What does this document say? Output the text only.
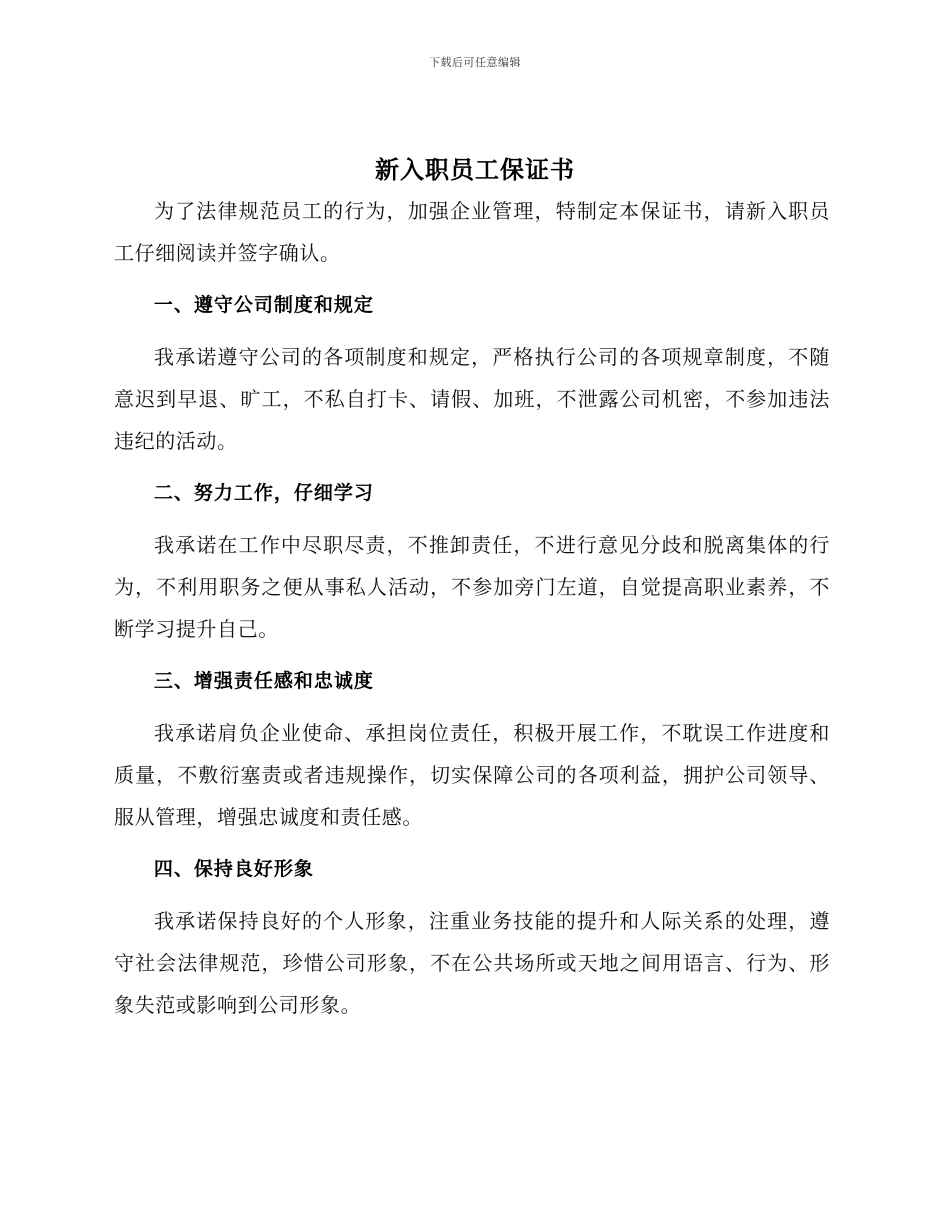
下载后可任意编辑
新入职员工保证书

为了法律规范员工的行为，加强企业管理，特制定本保证书，请新入职员工仔细阅读并签字确认。

一、遵守公司制度和规定

我承诺遵守公司的各项制度和规定，严格执行公司的各项规章制度，不随意迟到早退、旷工，不私自打卡、请假、加班，不泄露公司机密，不参加违法违纪的活动。

二、努力工作，仔细学习

我承诺在工作中尽职尽责，不推卸责任，不进行意见分歧和脱离集体的行为，不利用职务之便从事私人活动，不参加旁门左道，自觉提高职业素养，不断学习提升自己。

三、增强责任感和忠诚度

我承诺肩负企业使命、承担岗位责任，积极开展工作，不耽误工作进度和质量，不敷衍塞责或者违规操作，切实保障公司的各项利益，拥护公司领导、服从管理，增强忠诚度和责任感。

四、保持良好形象

我承诺保持良好的个人形象，注重业务技能的提升和人际关系的处理，遵守社会法律规范，珍惜公司形象，不在公共场所或天地之间用语言、行为、形象失范或影响到公司形象。
